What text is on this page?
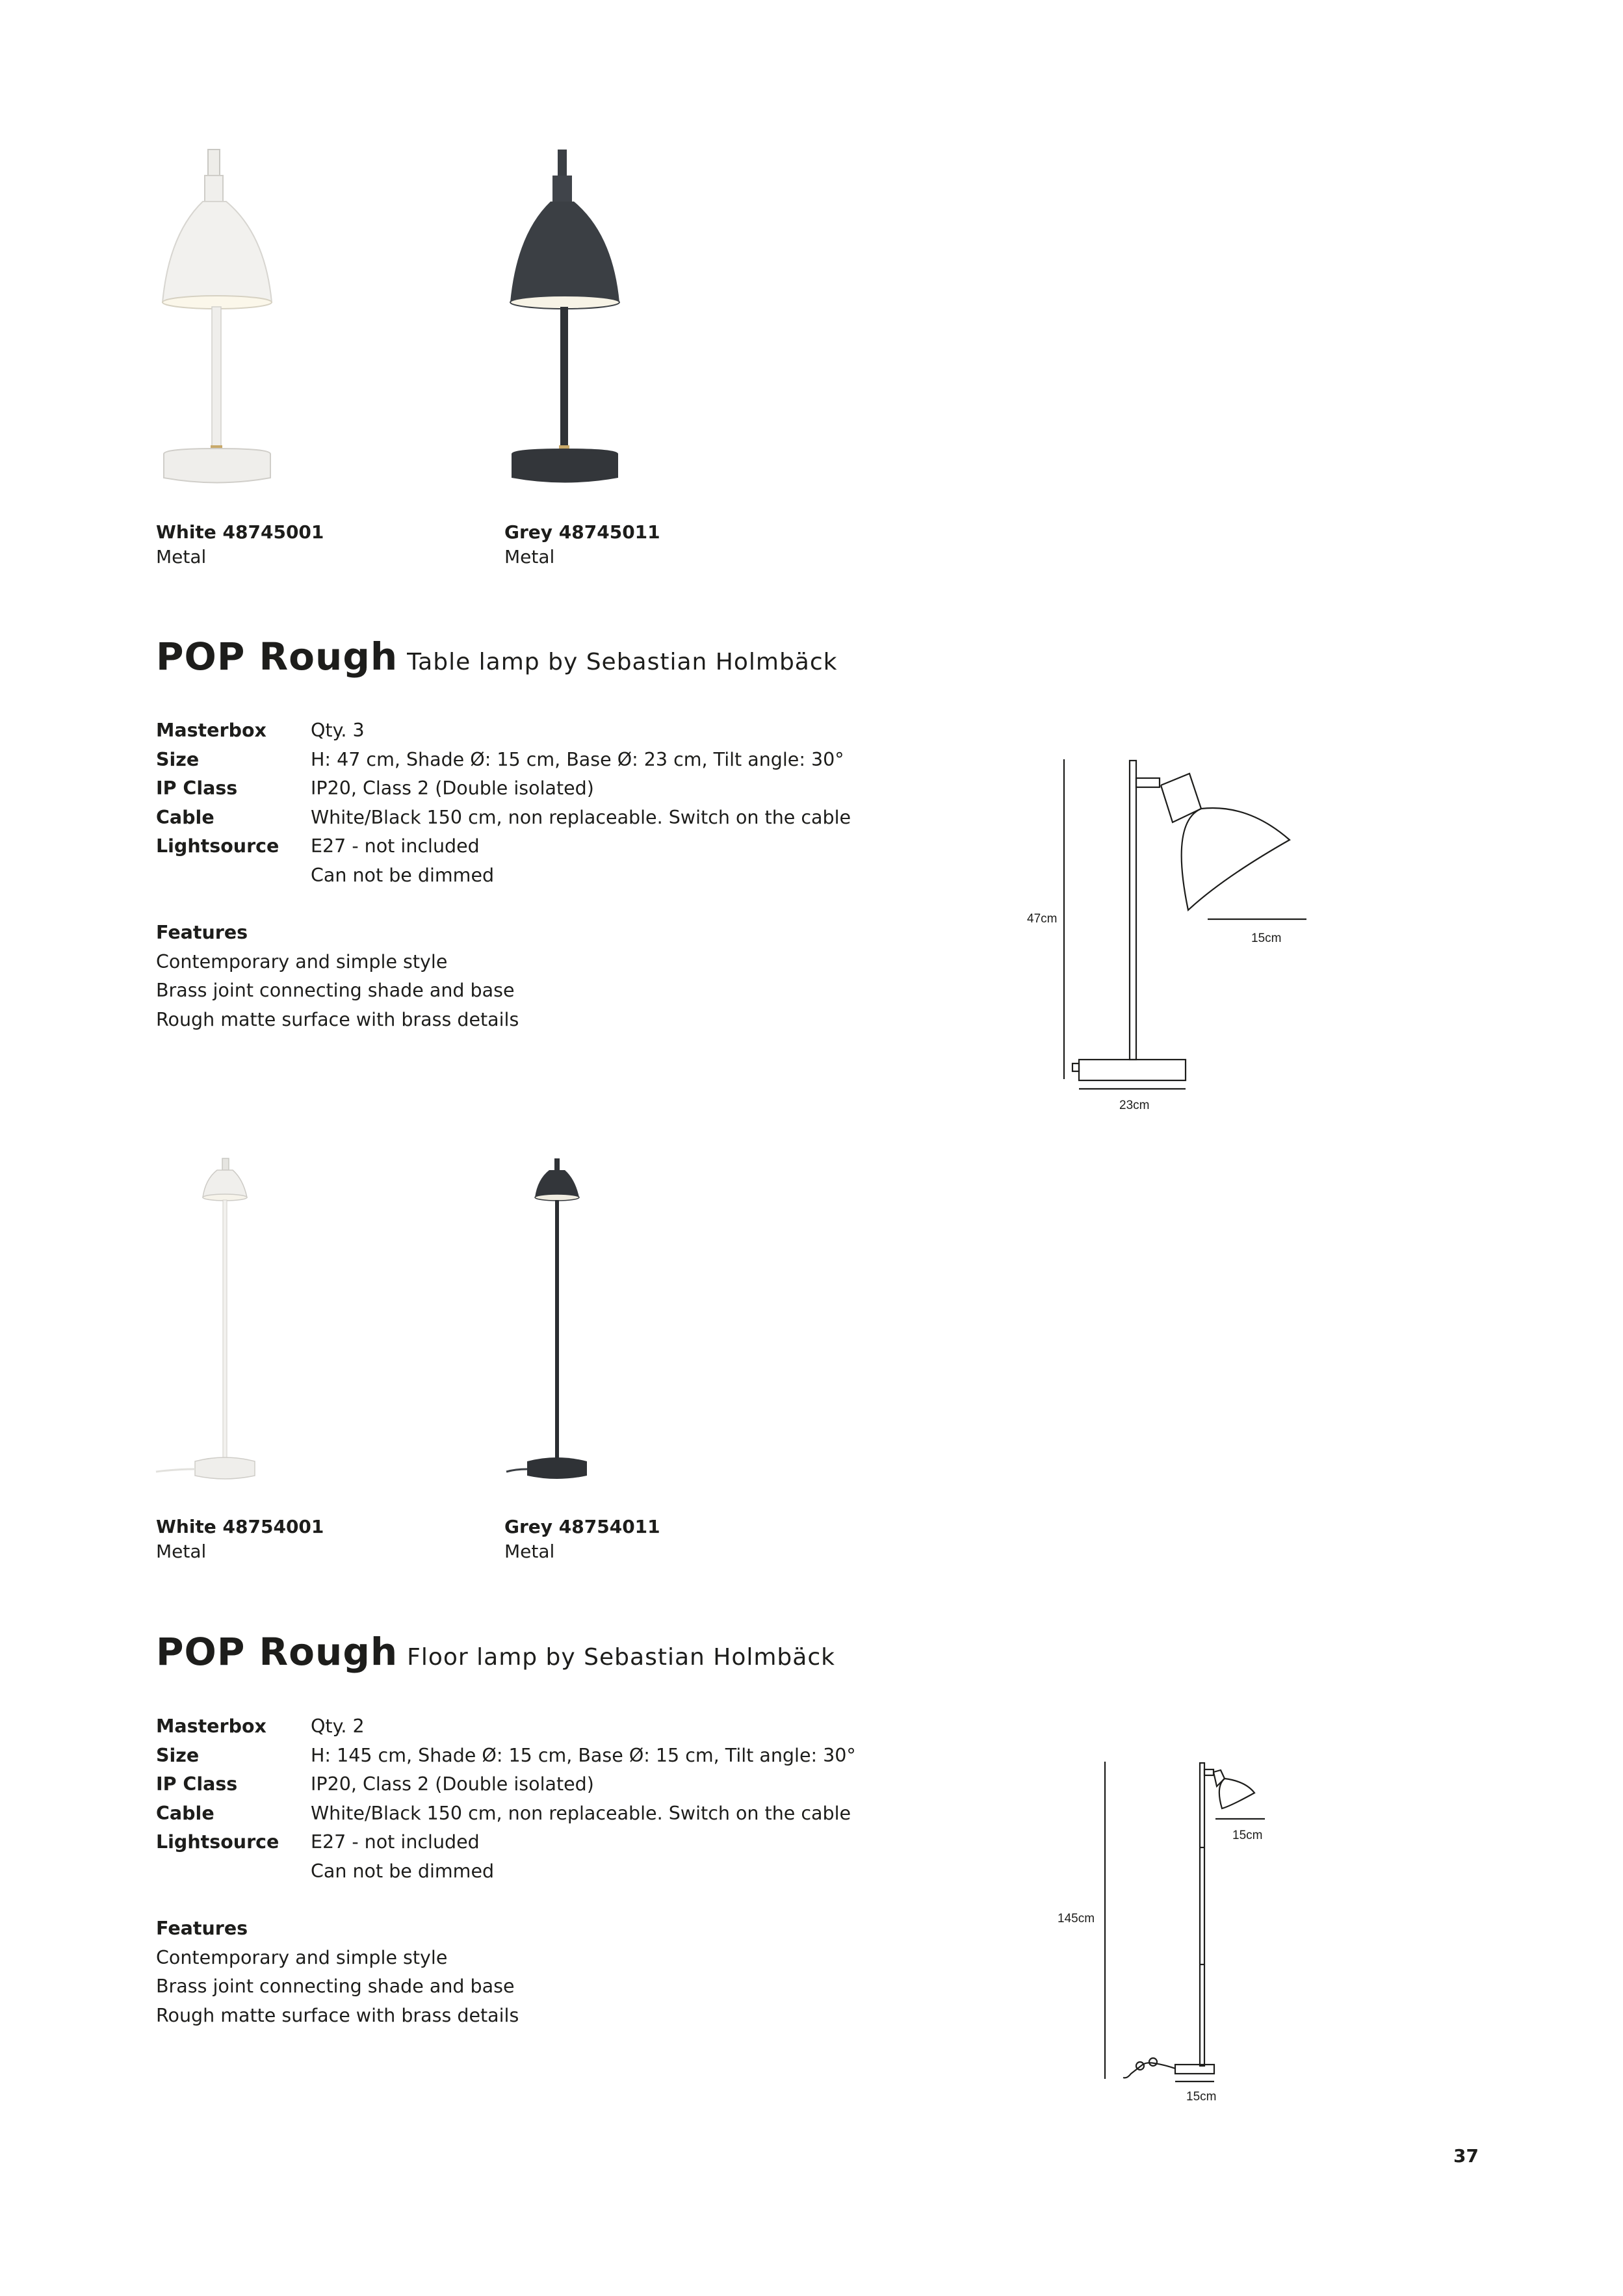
White 48745001
Metal
Grey 48745011
Metal
POP Rough Table lamp by Sebastian Holmbäck
Masterbox Qty. 3
Size	H: 47 cm, Shade Ø: 15 cm, Base Ø: 23 cm, Tilt angle: 30°
IP Class	IP20, Class 2 (Double isolated)
Cable	White/Black 150 cm, non replaceable. Switch on the cable
Lightsource E27 - not included
Can not be dimmed
Features
Contemporary and simple style
Brass joint connecting shade and base
Rough matte surface with brass details
47cm
15cm
23cm
White 48754001
Metal
Grey 48754011
Metal
POP Rough Floor lamp by Sebastian Holmbäck
Masterbox Qty. 2
Size	H: 145 cm, Shade Ø: 15 cm, Base Ø: 15 cm, Tilt angle: 30°
IP Class	IP20, Class 2 (Double isolated)
Cable	White/Black 150 cm, non replaceable. Switch on the cable
Lightsource E27 - not included
Can not be dimmed
Features
Contemporary and simple style
Brass joint connecting shade and base
Rough matte surface with brass details
145cm
15cm
15cm
37
